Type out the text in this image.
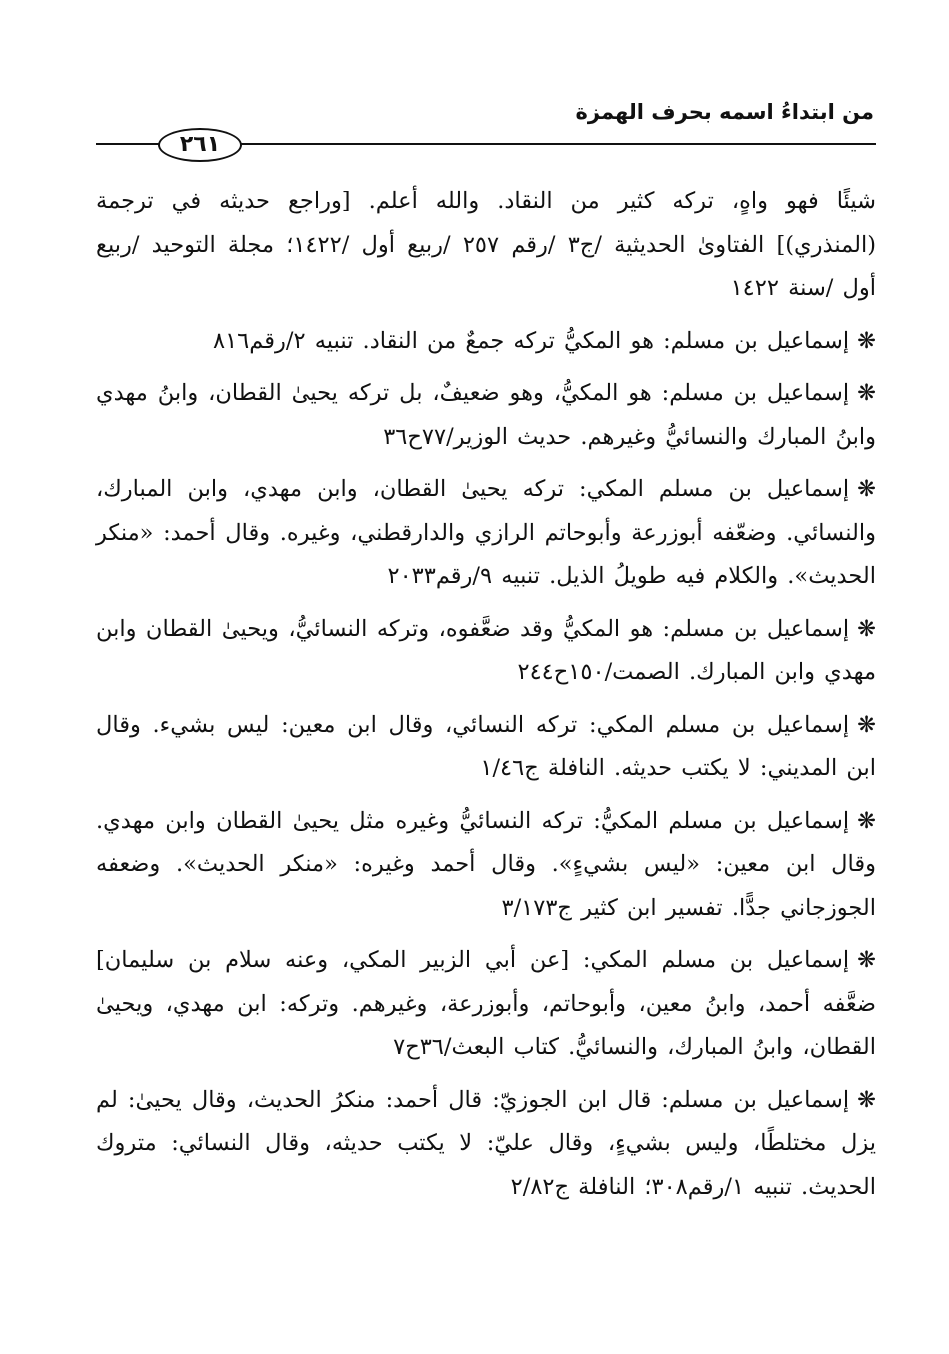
من ابتداءُ اسمه بحرف الهمزة
٢٦١

شيئًا فهو واهٍ، تركه كثير من النقاد. والله أعلم. [وراجع حديثه في ترجمة (المنذري)] الفتاوىٰ الحديثية /ج٣ /رقم ٢٥٧ /ربيع أول /١٤٢٢؛ مجلة التوحيد /ربيع أول /سنة ١٤٢٢

❋إسماعيل بن مسلم: هو المكيُّ تركه جمعٌ من النقاد. تنبيه ٢/رقم٨١٦

❋إسماعيل بن مسلم: هو المكيُّ، وهو ضعيفٌ، بل تركه يحيىٰ القطان، وابنُ مهدي وابنُ المبارك والنسائيُّ وغيرهم. حديث الوزير/٧٧ح٣٦

❋إسماعيل بن مسلم المكي: تركه يحيىٰ القطان، وابن مهدي، وابن المبارك، والنسائي. وضعّفه أبوزرعة وأبوحاتم الرازي والدارقطني، وغيره. وقال أحمد: «منكر الحديث». والكلام فيه طويلُ الذيل. تنبيه ٩/رقم٢٠٣٣

❋إسماعيل بن مسلم: هو المكيُّ وقد ضعَّفوه، وتركه النسائيُّ، ويحيىٰ القطان وابن مهدي وابن المبارك. الصمت/١٥٠ح٢٤٤

❋إسماعيل بن مسلم المكي: تركه النسائي، وقال ابن معين: ليس بشيء. وقال ابن المديني: لا يكتب حديثه. النافلة ج١/٤٦

❋إسماعيل بن مسلم المكيُّ: تركه النسائيُّ وغيره مثل يحيىٰ القطان وابن مهدي. وقال ابن معين: «ليس بشيءٍ». وقال أحمد وغيره: «منكر الحديث». وضعفه الجوزجاني جدًّا. تفسير ابن كثير ج٣/١٧٣

❋إسماعيل بن مسلم المكي: [عن أبي الزبير المكي، وعنه سلام بن سليمان] ضعَّفه أحمد، وابنُ معين، وأبوحاتم، وأبوزرعة، وغيرهم. وتركه: ابن مهدي، ويحيىٰ القطان، وابنُ المبارك، والنسائيُّ. كتاب البعث/٣٦ح٧

❋إسماعيل بن مسلم: قال ابن الجوزيّ: قال أحمد: منكرُ الحديث، وقال يحيىٰ: لم يزل مختلطًا، وليس بشيءٍ، وقال عليّ: لا يكتب حديثه، وقال النسائي: متروك الحديث. تنبيه ١/رقم٣٠٨؛ النافلة ج٢/٨٢
